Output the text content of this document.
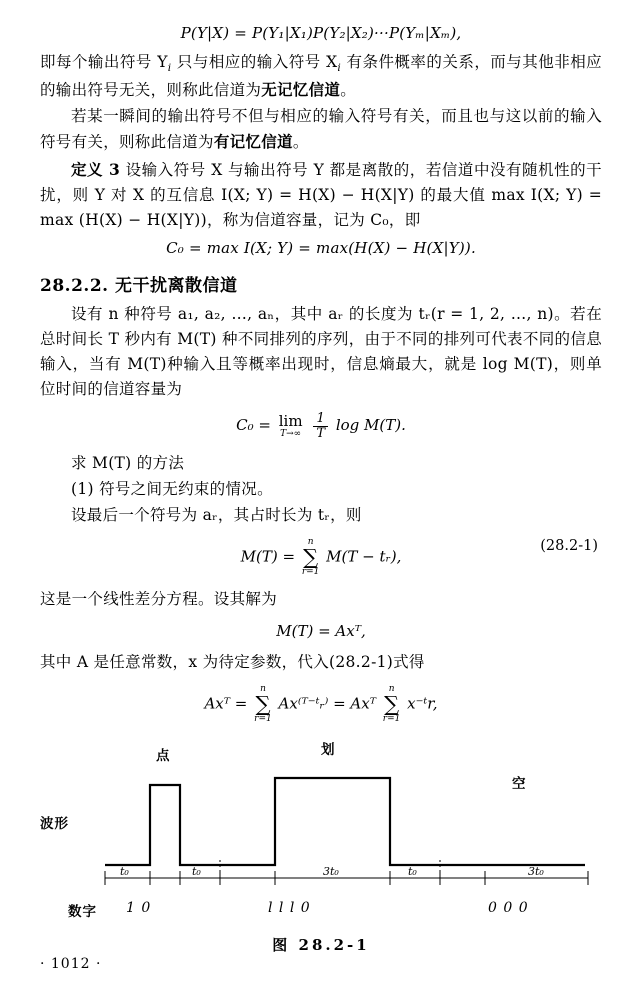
P(Y|X) = P(Y₁|X₁)P(Y₂|X₂)···P(Yₘ|Xₘ),

即每个输出符号 $Y_i$ 只与相应的输入符号 $X_i$ 有条件概率的关系，而与其他非相应的输出符号无关，则称此信道为无记忆信道。

若某一瞬间的输出符号不但与相应的输入符号有关，而且也与这以前的输入符号有关，则称此信道为有记忆信道。

定义 3 设输入符号 X 与输出符号 Y 都是离散的，若信道中没有随机性的干扰，则 Y 对 X 的互信息 I(X; Y) = H(X) − H(X|Y) 的最大值 max I(X; Y) = max (H(X) − H(X|Y))，称为信道容量，记为 C₀，即

C₀ = max I(X; Y) = max(H(X) − H(X|Y)).
28.2.2. 无干扰离散信道

设有 n 种符号 a₁, a₂, …, aₙ，其中 aᵣ 的长度为 tᵣ(r = 1, 2, …, n)。若在总时间长 T 秒内有 M(T) 种不同排列的序列，由于不同的排列可代表不同的信息输入，当有 M(T)种输入且等概率出现时，信息熵最大，就是 log M(T)，则单位时间的信道容量为

C₀ = lim
T→∞
$\frac{1}{T}$ log M(T).

求 M(T) 的方法

(1) 符号之间无约束的情况。

设最后一个符号为 aᵣ，其占时长为 tᵣ，则

M(T) =
n
∑
r=1
M(T − tᵣ),
(28.2-1)

这是一个线性差分方程。设其解为

M(T) = Axᵀ,

其中 A 是任意常数，x 为待定参数，代入(28.2-1)式得

Axᵀ =
n
∑
r=1
Ax⁽ᵀ⁻ᵗᵣ⁾ = Axᵀ
n
∑
r=1
x⁻ᵗr,
t₀	t₀	3t₀	t₀	3t₀
点	划
空
波形
数字 1 0	l l l 0	0 0 0
图 28.2-1
· 1012 ·
